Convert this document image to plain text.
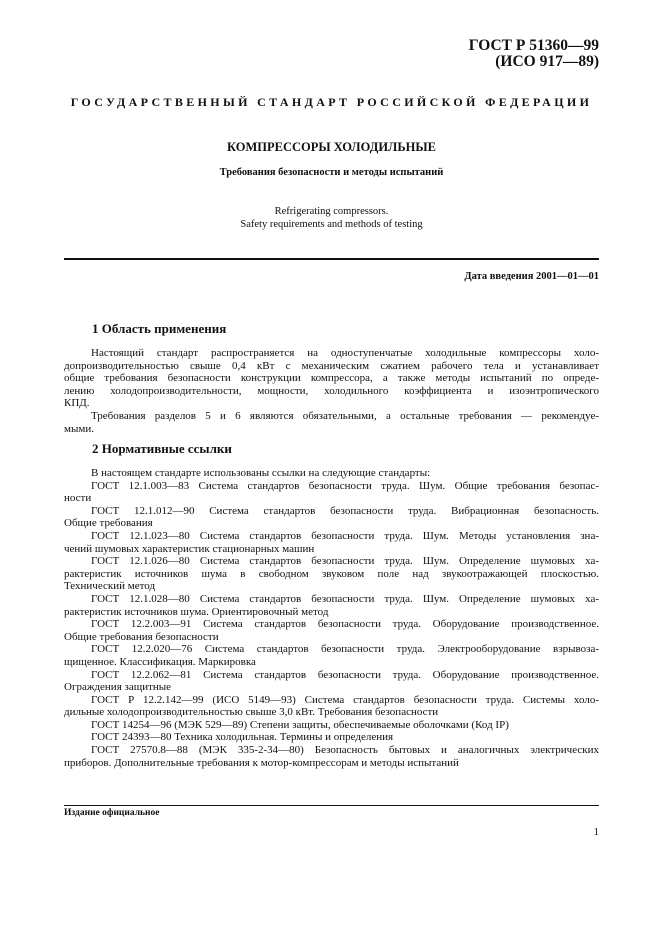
ГОСТ Р 51360—99
(ИСО 917—89)
ГОСУДАРСТВЕННЫЙ СТАНДАРТ РОССИЙСКОЙ ФЕДЕРАЦИИ
КОМПРЕССОРЫ ХОЛОДИЛЬНЫЕ
Требования безопасности и методы испытаний
Refrigerating compressors.
Safety requirements and methods of testing
Дата введения 2001—01—01
1 Область применения
Настоящий стандарт распространяется на одноступенчатые холодильные компрессоры холо-
допроизводительностью свыше 0,4 кВт с механическим сжатием рабочего тела и устанавливает
общие требования безопасности конструкции компрессора, а также методы испытаний по опреде-
лению холодопроизводительности, мощности, холодильного коэффициента и изоэнтропического
КПД.
Требования разделов 5 и 6 являются обязательными, а остальные требования — рекомендуе-
мыми.
2 Нормативные ссылки
В настоящем стандарте использованы ссылки на следующие стандарты:
ГОСТ 12.1.003—83 Система стандартов безопасности труда. Шум. Общие требования безопас-
ности
ГОСТ 12.1.012—90 Система стандартов безопасности труда. Вибрационная безопасность.
Общие требования
ГОСТ 12.1.023—80 Система стандартов безопасности труда. Шум. Методы установления зна-
чений шумовых характеристик стационарных машин
ГОСТ 12.1.026—80 Система стандартов безопасности труда. Шум. Определение шумовых ха-
рактеристик источников шума в свободном звуковом поле над звукоотражающей плоскостью.
Технический метод
ГОСТ 12.1.028—80 Система стандартов безопасности труда. Шум. Определение шумовых ха-
рактеристик источников шума. Ориентировочный метод
ГОСТ 12.2.003—91 Система стандартов безопасности труда. Оборудование производственное.
Общие требования безопасности
ГОСТ 12.2.020—76 Система стандартов безопасности труда. Электрооборудование взрывоза-
щищенное. Классификация. Маркировка
ГОСТ 12.2.062—81 Система стандартов безопасности труда. Оборудование производственное.
Ограждения защитные
ГОСТ Р 12.2.142—99 (ИСО 5149—93) Система стандартов безопасности труда. Системы холо-
дильные холодопроизводительностью свыше 3,0 кВт. Требования безопасности
ГОСТ 14254—96 (МЭК 529—89) Степени защиты, обеспечиваемые оболочками (Код IP)
ГОСТ 24393—80 Техника холодильная. Термины и определения
ГОСТ 27570.8—88 (МЭК 335-2-34—80) Безопасность бытовых и аналогичных электрических
приборов. Дополнительные требования к мотор-компрессорам и методы испытаний
Издание официальное
1
